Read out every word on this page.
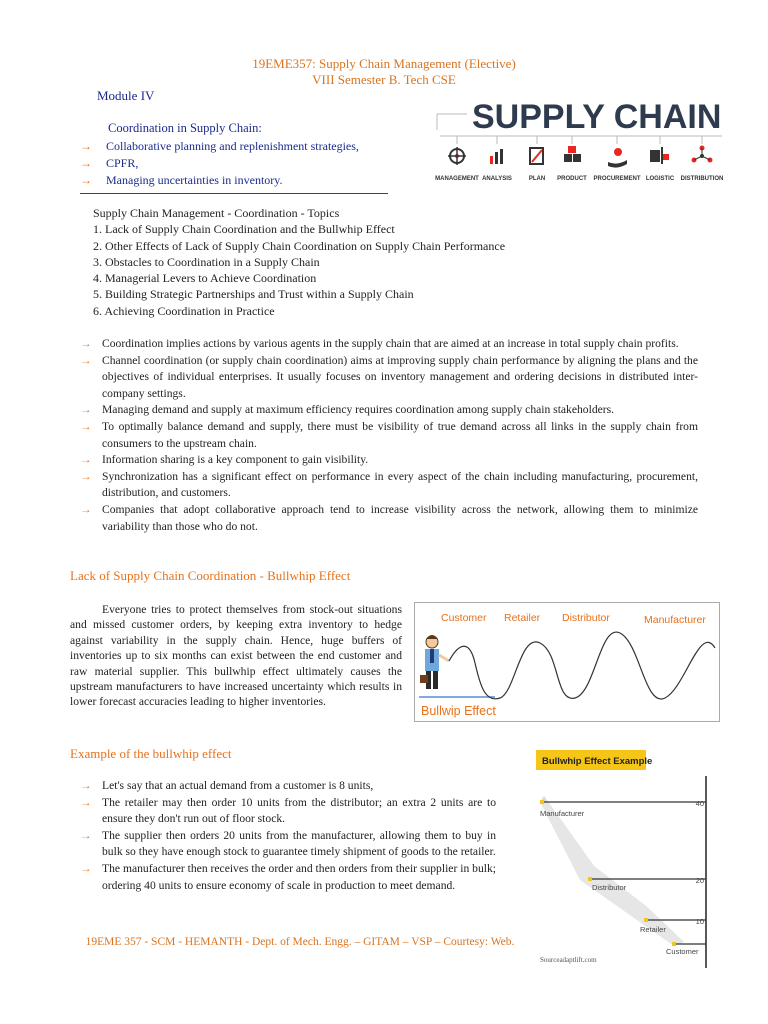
19EME357: Supply Chain Management (Elective)
VIII Semester B. Tech CSE
Module IV
Coordination in Supply Chain:
→ Collaborative planning and replenishment strategies,
→ CPFR,
→ Managing uncertainties in inventory.
SUPPLY CHAIN
MANAGEMENT ANALYSIS	PLAN PRODUCT PROCUREMENT LOGISTIC DISTRIBUTION
Supply Chain Management - Coordination - Topics
1. Lack of Supply Chain Coordination and the Bullwhip Effect
2. Other Effects of Lack of Supply Chain Coordination on Supply Chain Performance
3. Obstacles to Coordination in a Supply Chain
4. Managerial Levers to Achieve Coordination
5. Building Strategic Partnerships and Trust within a Supply Chain
6. Achieving Coordination in Practice
→ Coordination implies actions by various agents in the supply chain that are aimed at an increase in total supply chain profits.
→ Channel coordination (or supply chain coordination) aims at improving supply chain performance by aligning the plans and the objectives of individual enterprises. It usually focuses on inventory management and ordering decisions in distributed inter-company settings.
→ Managing demand and supply at maximum efficiency requires coordination among supply chain stakeholders.
→ To optimally balance demand and supply, there must be visibility of true demand across all links in the supply chain from consumers to the upstream chain.
→ Information sharing is a key component to gain visibility.
→ Synchronization has a significant effect on performance in every aspect of the chain including manufacturing, procurement, distribution, and customers.
→ Companies that adopt collaborative approach tend to increase visibility across the network, allowing them to minimize variability than those who do not.
Lack of Supply Chain Coordination - Bullwhip Effect
Everyone tries to protect themselves from stock-out situations and missed customer orders, by keeping extra inventory to hedge against variability in the supply chain. Hence, huge buffers of inventories up to six months can exist between the end customer and raw material supplier. This bullwhip effect ultimately causes the upstream manufacturers to have increased uncertainty which results in lower forecast accuracies leading to higher inventories.
Customer Retailer Distributor	Manufacturer
Bullwip Effect
Example of the bullwhip effect
→ Let's say that an actual demand from a customer is 8 units,
→ The retailer may then order 10 units from the distributor; an extra 2 units are to ensure they don't run out of floor stock.
→ The supplier then orders 20 units from the manufacturer, allowing them to buy in bulk so they have enough stock to guarantee timely shipment of goods to the retailer.
→ The manufacturer then receives the order and then orders from their supplier in bulk; ordering 40 units to ensure economy of scale in production to meet demand.
Bullwhip Effect Example
Manufacturer
Distributor
Retailer
Customer
40
20
10
Sourceadaptlift.com
19EME 357 - SCM - HEMANTH - Dept. of Mech. Engg. – GITAM – VSP – Courtesy: Web.
